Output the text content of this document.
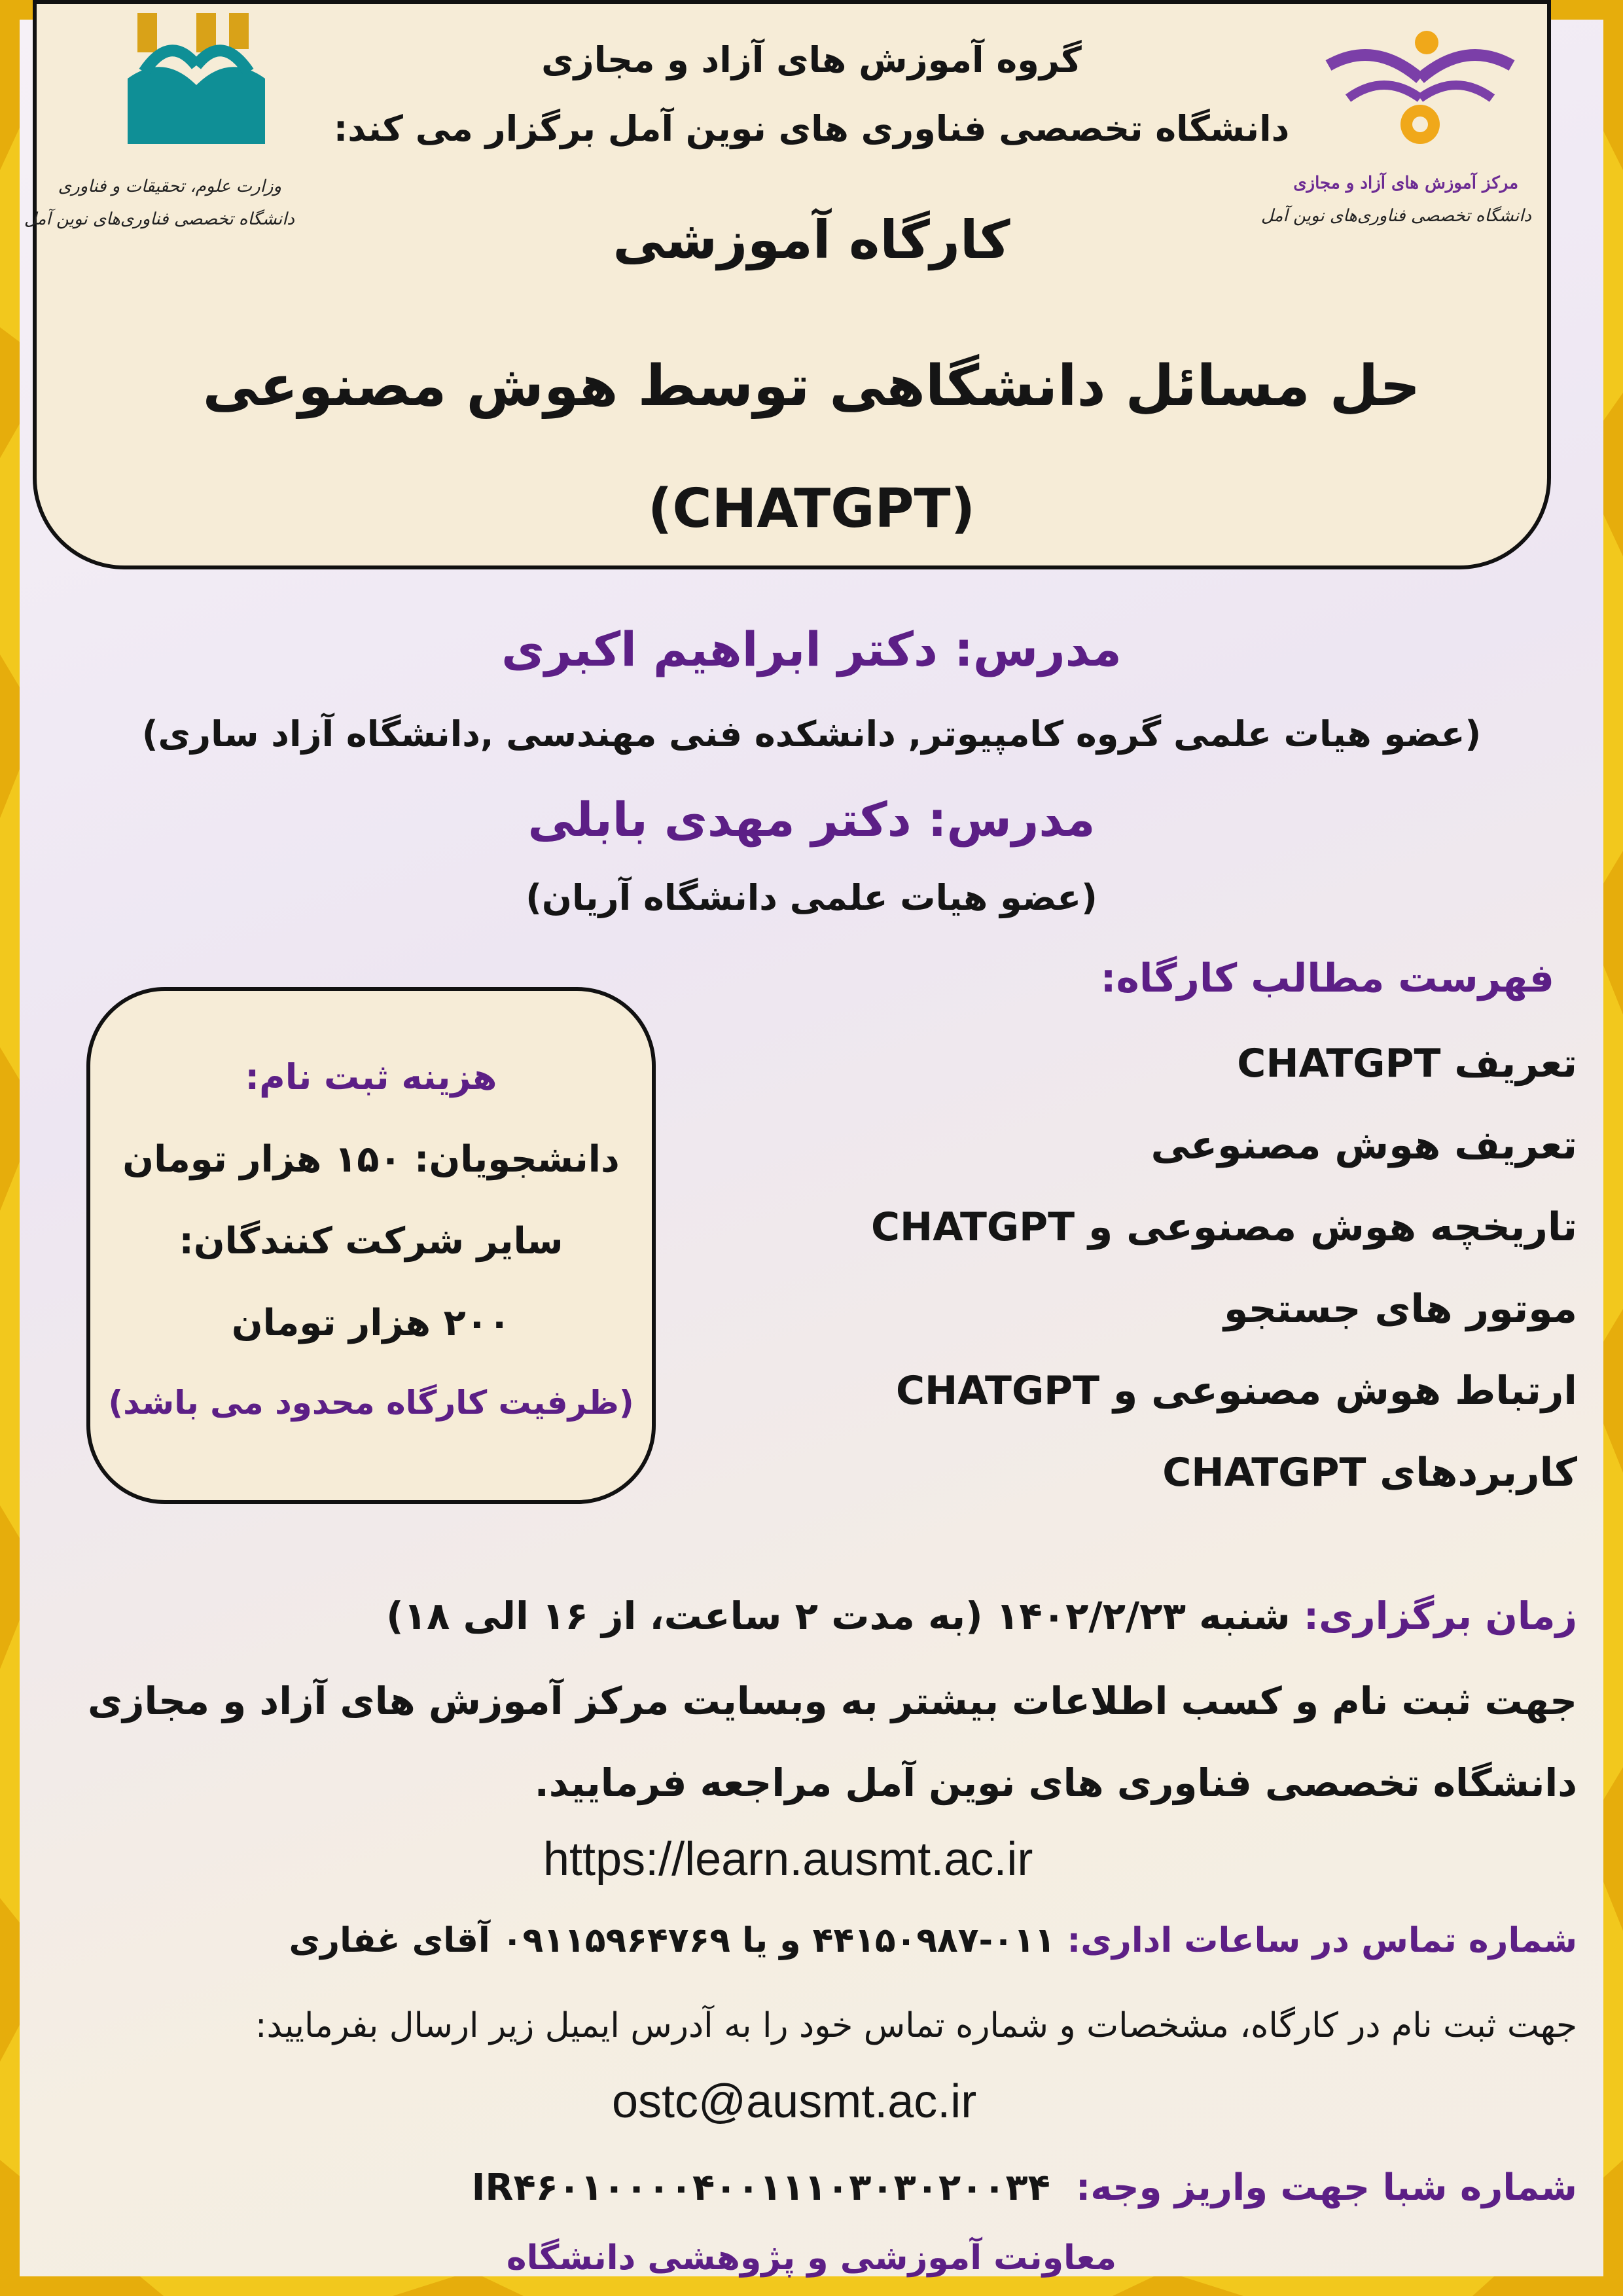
وزارت علوم، تحقیقات و فناوری
دانشگاه تخصصی فناوری‌های نوین آمل
مرکز آموزش های آزاد و مجازی
دانشگاه تخصصی فناوری‌های نوین آمل
گروه آموزش های آزاد و مجازی
دانشگاه تخصصی فناوری های نوین آمل برگزار می کند:
کارگاه آموزشی
حل مسائل دانشگاهی توسط هوش مصنوعی
(CHATGPT)
مدرس: دکتر ابراهیم اکبری
(عضو هیات علمی گروه کامپیوتر, دانشکده فنی مهندسی ,دانشگاه آزاد ساری)
مدرس: دکتر مهدی بابلی
(عضو هیات علمی دانشگاه آریان)
فهرست مطالب کارگاه:
تعریف CHATGPT
تعریف هوش مصنوعی
تاریخچه هوش مصنوعی و CHATGPT
موتور های جستجو
ارتباط هوش مصنوعی و CHATGPT
کاربردهای CHATGPT
هزینه ثبت نام:
دانشجویان: ۱۵۰ هزار تومان
سایر شرکت کنندگان:
۲۰۰ هزار تومان
(ظرفیت کارگاه محدود می باشد)
زمان برگزاری: شنبه ۱۴۰۲/۲/۲۳ (به مدت ۲ ساعت، از ۱۶ الی ۱۸)
جهت ثبت نام و کسب اطلاعات بیشتر به وبسایت مرکز آموزش های آزاد و مجازی
دانشگاه تخصصی فناوری های نوین آمل مراجعه فرمایید.
https://learn.ausmt.ac.ir
شماره تماس در ساعات اداری: ۰۱۱-۴۴۱۵۰۹۸۷ و یا ۰۹۱۱۵۹۶۴۷۶۹ آقای غفاری
جهت ثبت نام در کارگاه، مشخصات و شماره تماس خود را به آدرس ایمیل زیر ارسال بفرمایید:
ostc@ausmt.ac.ir
شماره شبا جهت واریز وجه:  IR۴۶۰۱۰۰۰۰۴۰۰۱۱۱۰۳۰۳۰۲۰۰۳۴
معاونت آموزشی و پژوهشی دانشگاه
